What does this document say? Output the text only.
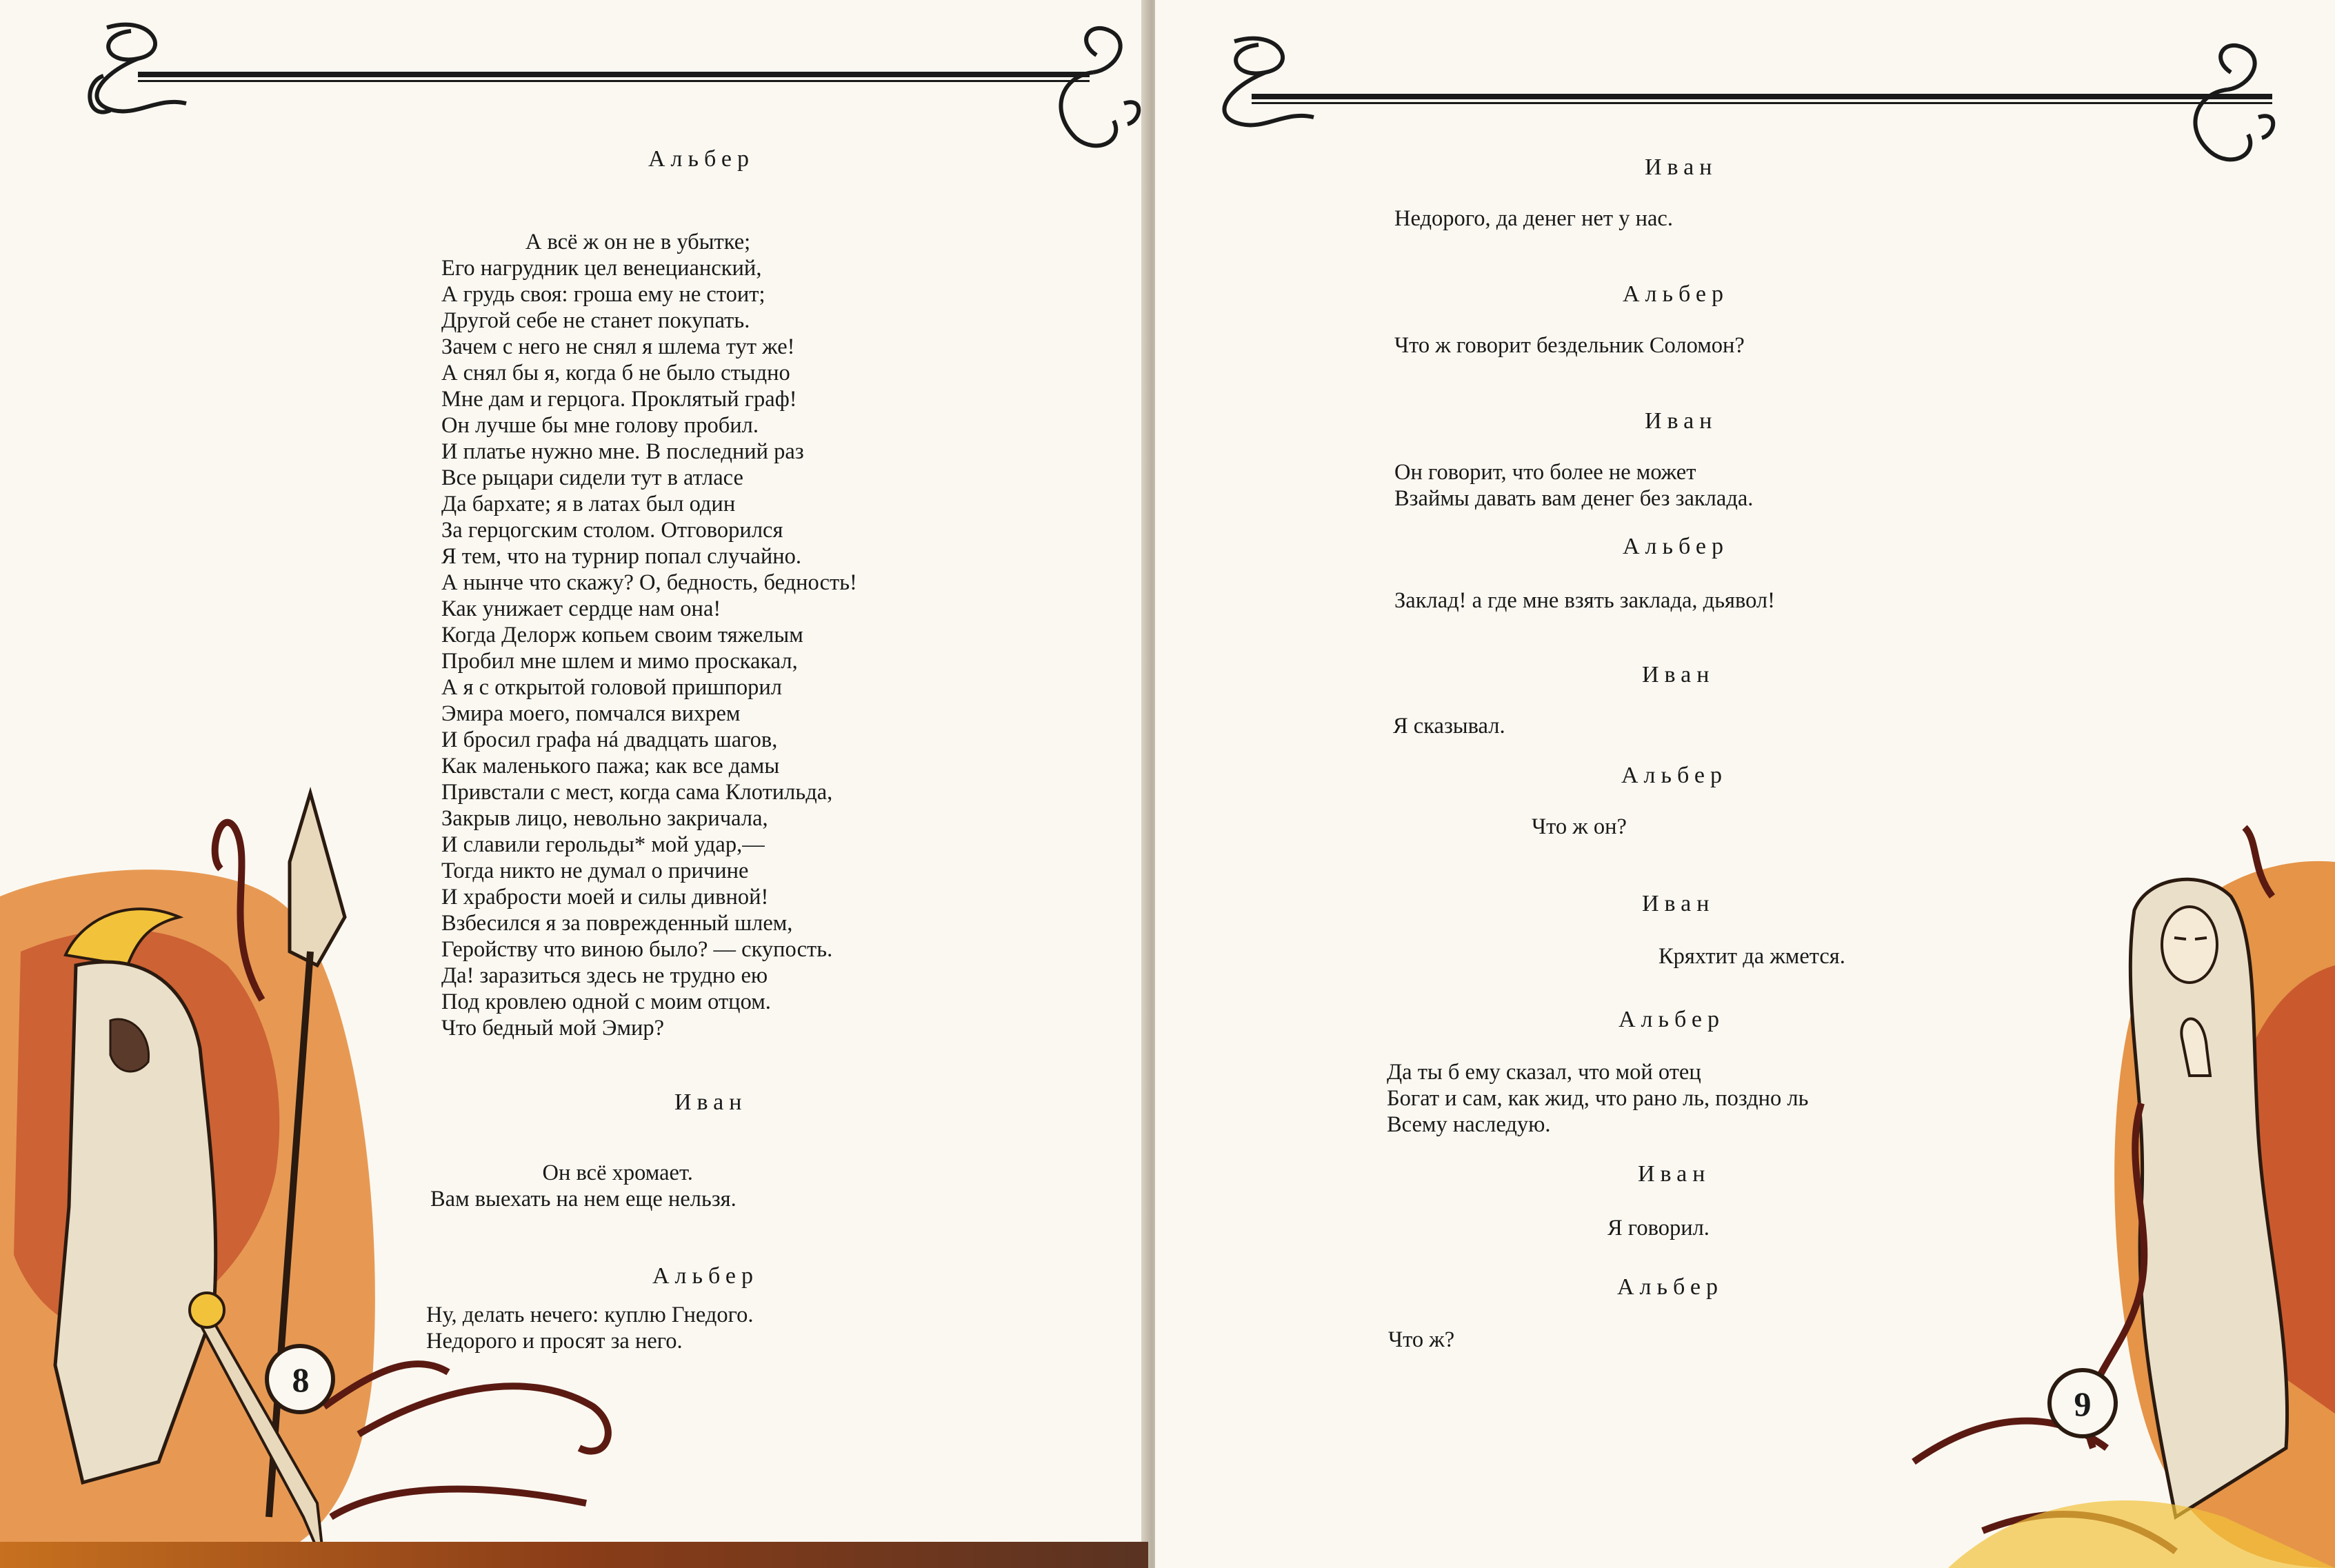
Альбер
А всё ж он не в убытке;
Его нагрудник цел венецианский,
А грудь своя: гроша ему не стоит;
Другой себе не станет покупать.
Зачем с него не снял я шлема тут же!
А снял бы я, когда б не было стыдно
Мне дам и герцога. Проклятый граф!
Он лучше бы мне голову пробил.
И платье нужно мне. В последний раз
Все рыцари сидели тут в атласе
Да бархате; я в латах был один
За герцогским столом. Отговорился
Я тем, что на турнир попал случайно.
А нынче что скажу? О, бедность, бедность!
Как унижает сердце нам она!
Когда Делорж копьем своим тяжелым
Пробил мне шлем и мимо проскакал,
А я с открытой головой пришпорил
Эмира моего, помчался вихрем
И бросил графа нá двадцать шагов,
Как маленького пажа; как все дамы
Привстали с мест, когда сама Клотильда,
Закрыв лицо, невольно закричала,
И славили герольды* мой удар,—
Тогда никто не думал о причине
И храбрости моей и силы дивной!
Взбесился я за поврежденный шлем,
Геройству что виною было? — скупость.
Да! заразиться здесь не трудно ею
Под кровлею одной с моим отцом.
Что бедный мой Эмир?
Иван
Он всё хромает.
Вам выехать на нем еще нельзя.
Альбер
Ну, делать нечего: куплю Гнедого.
Недорого и просят за него.
8
Иван
Недорого, да денег нет у нас.
Альбер
Что ж говорит бездельник Соломон?
Иван
Он говорит, что более не может
Взаймы давать вам денег без заклада.
Альбер
Заклад! а где мне взять заклада, дьявол!
Иван
Я сказывал.
Альбер
Что ж он?
Иван
Кряхтит да жмется.
Альбер
Да ты б ему сказал, что мой отец
Богат и сам, как жид, что рано ль, поздно ль
Всему наследую.
Иван
Я говорил.
Альбер
Что ж?
9
